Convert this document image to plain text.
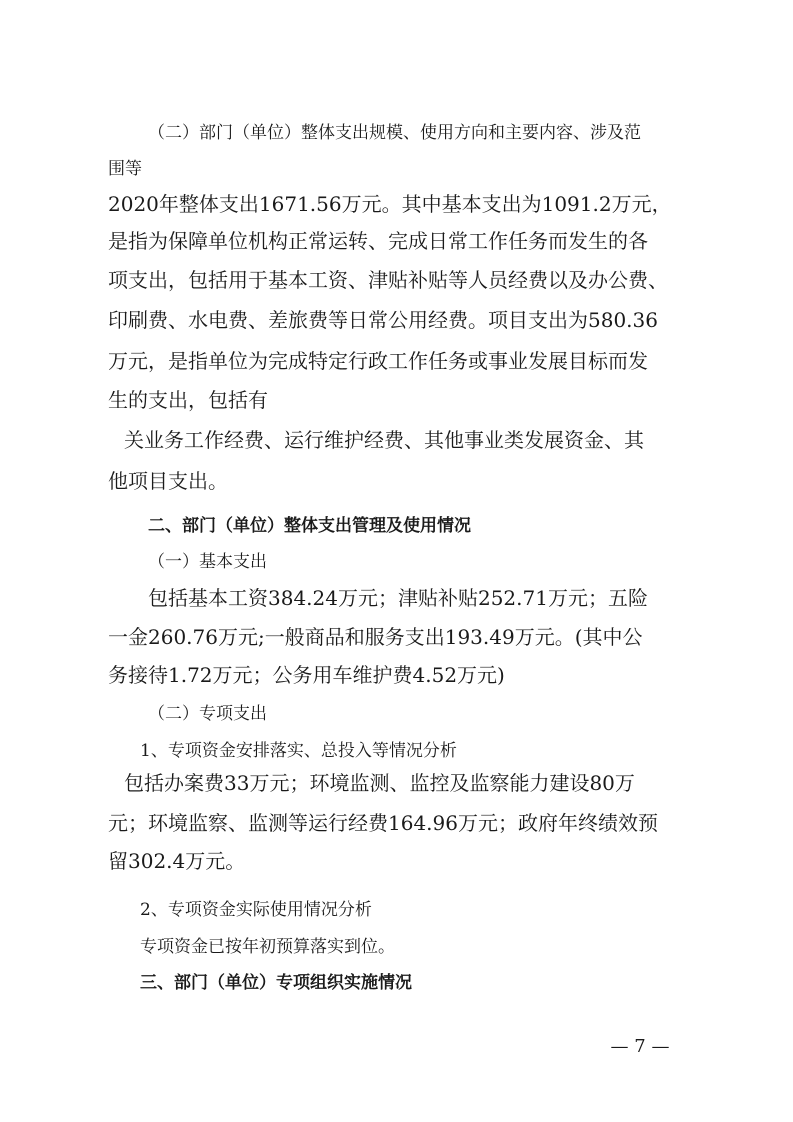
（二）部门（单位）整体支出规模、使用方向和主要内容、涉及范
围等
2020年整体支出1671.56万元。其中基本支出为1091.2万元，
是指为保障单位机构正常运转、完成日常工作任务而发生的各
项支出，包括用于基本工资、津贴补贴等人员经费以及办公费、
印刷费、水电费、差旅费等日常公用经费。项目支出为580.36
万元，是指单位为完成特定行政工作任务或事业发展目标而发
生的支出，包括有
关业务工作经费、运行维护经费、其他事业类发展资金、其
他项目支出。
二、部门（单位）整体支出管理及使用情况
（一）基本支出
包括基本工资384.24万元；津贴补贴252.71万元；五险
一金260.76万元;一般商品和服务支出193.49万元。(其中公
务接待1.72万元；公务用车维护费4.52万元)
（二）专项支出
1、专项资金安排落实、总投入等情况分析
包括办案费33万元；环境监测、监控及监察能力建设80万
元；环境监察、监测等运行经费164.96万元；政府年终绩效预
留302.4万元。
2、专项资金实际使用情况分析
专项资金已按年初预算落实到位。
三、部门（单位）专项组织实施情况
— 7 —
